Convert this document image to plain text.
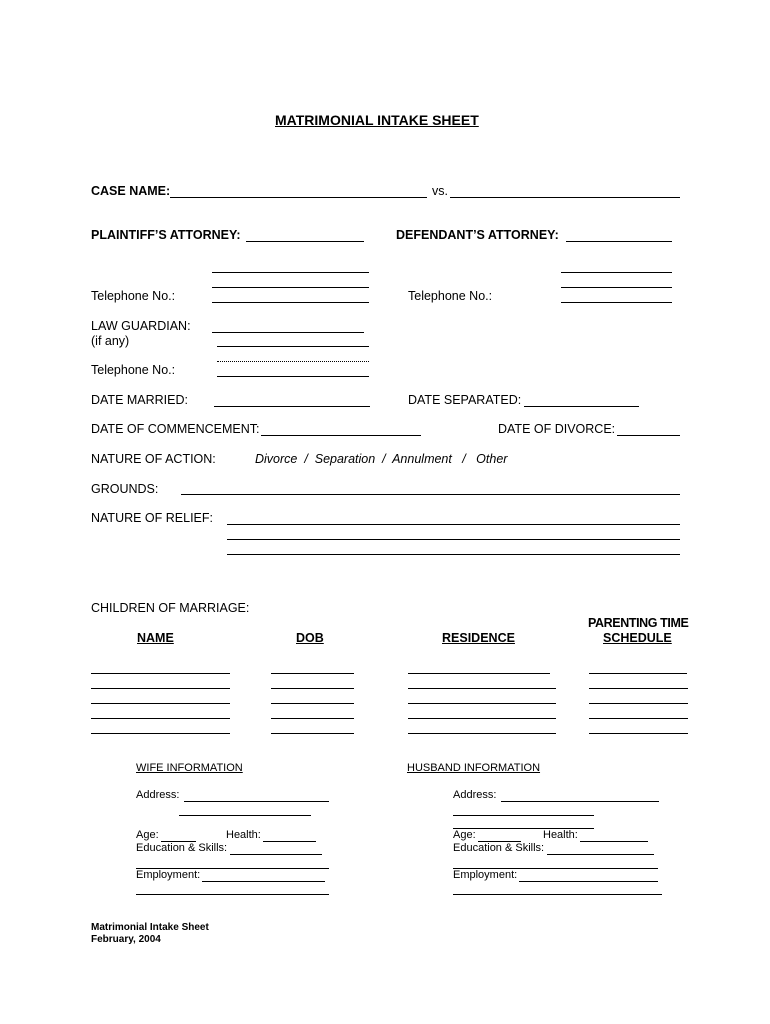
MATRIMONIAL INTAKE SHEET
CASE NAME:	vs.
PLAINTIFF’S ATTORNEY:	DEFENDANT’S ATTORNEY:
Telephone No.:	Telephone No.:
LAW GUARDIAN:
(if any)
Telephone No.:
DATE MARRIED:	DATE SEPARATED:
DATE OF COMMENCEMENT:	DATE OF DIVORCE:
NATURE OF ACTION:	Divorce  /  Separation  /  Annulment   /   Other
GROUNDS:
NATURE OF RELIEF:
CHILDREN OF MARRIAGE:
PARENTING TIME
NAME	DOB	RESIDENCE	SCHEDULE
WIFE INFORMATION
Address:
Age:	Health:
Education & Skills:
Employment:
HUSBAND INFORMATION
Address:
Age:	Health:
Education & Skills:
Employment:
Matrimonial Intake Sheet
February, 2004
